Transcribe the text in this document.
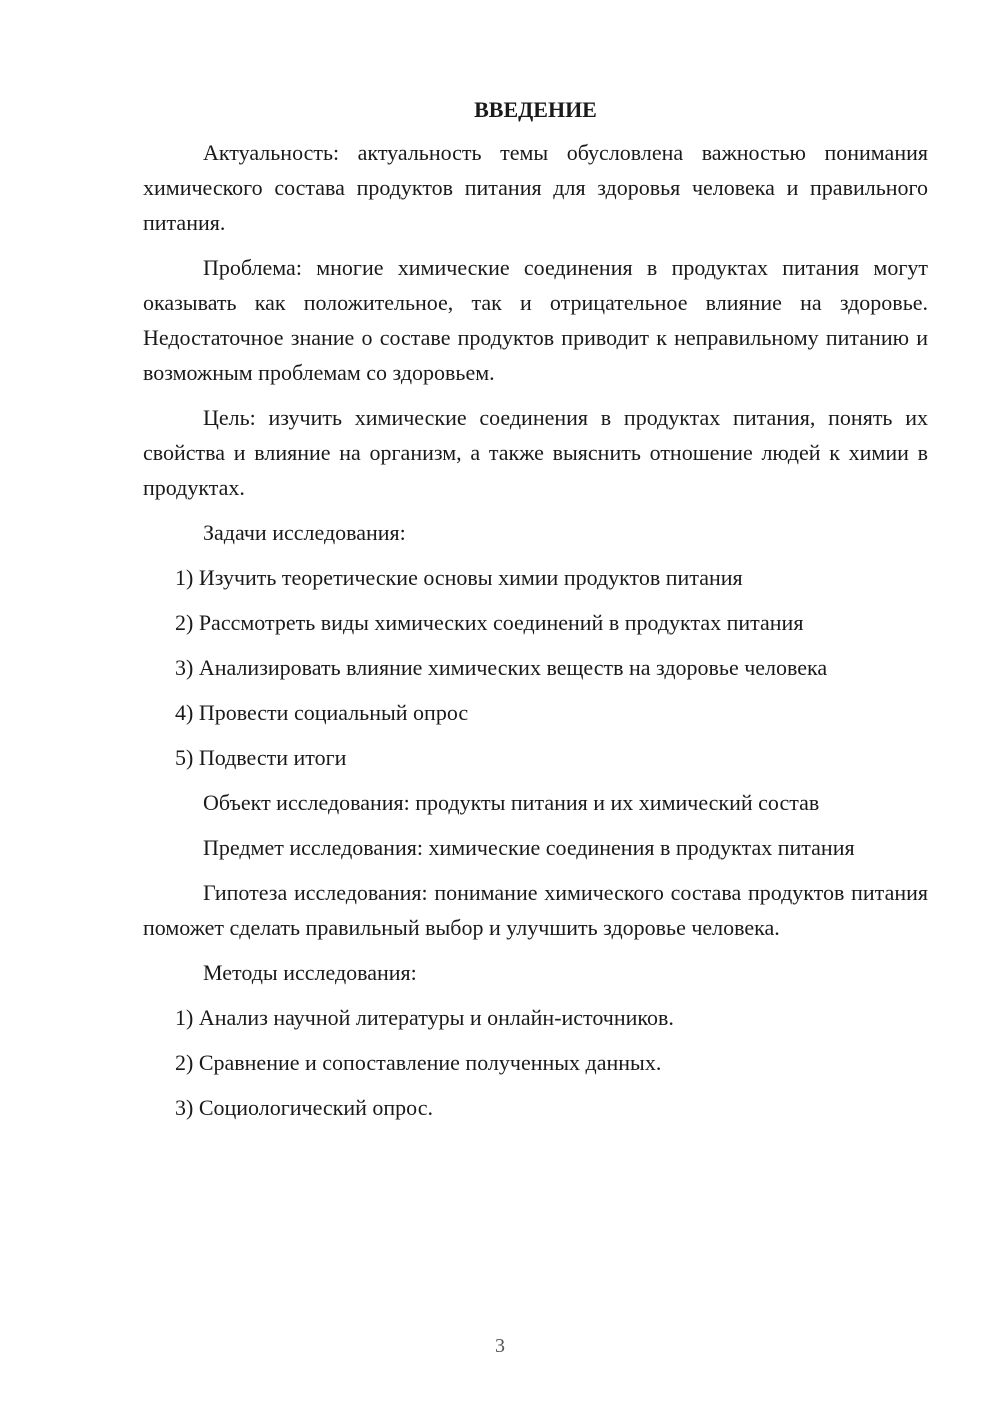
ВВЕДЕНИЕ

Актуальность: актуальность темы обусловлена важностью понимания химического состава продуктов питания для здоровья человека и правильного питания.

Проблема: многие химические соединения в продуктах питания могут оказывать как положительное, так и отрицательное влияние на здоровье. Недостаточное знание о составе продуктов приводит к неправильному питанию и возможным проблемам со здоровьем.

Цель: изучить химические соединения в продуктах питания, понять их свойства и влияние на организм, а также выяснить отношение людей к химии в продуктах.

Задачи исследования:

1) Изучить теоретические основы химии продуктов питания
2) Рассмотреть виды химических соединений в продуктах питания
3) Анализировать влияние химических веществ на здоровье человека
4) Провести социальный опрос
5) Подвести итоги

Объект исследования: продукты питания и их химический состав

Предмет исследования: химические соединения в продуктах питания

Гипотеза исследования: понимание химического состава продуктов питания поможет сделать правильный выбор и улучшить здоровье человека.

Методы исследования:

1) Анализ научной литературы и онлайн-источников.
2) Сравнение и сопоставление полученных данных.
3) Социологический опрос.
3
